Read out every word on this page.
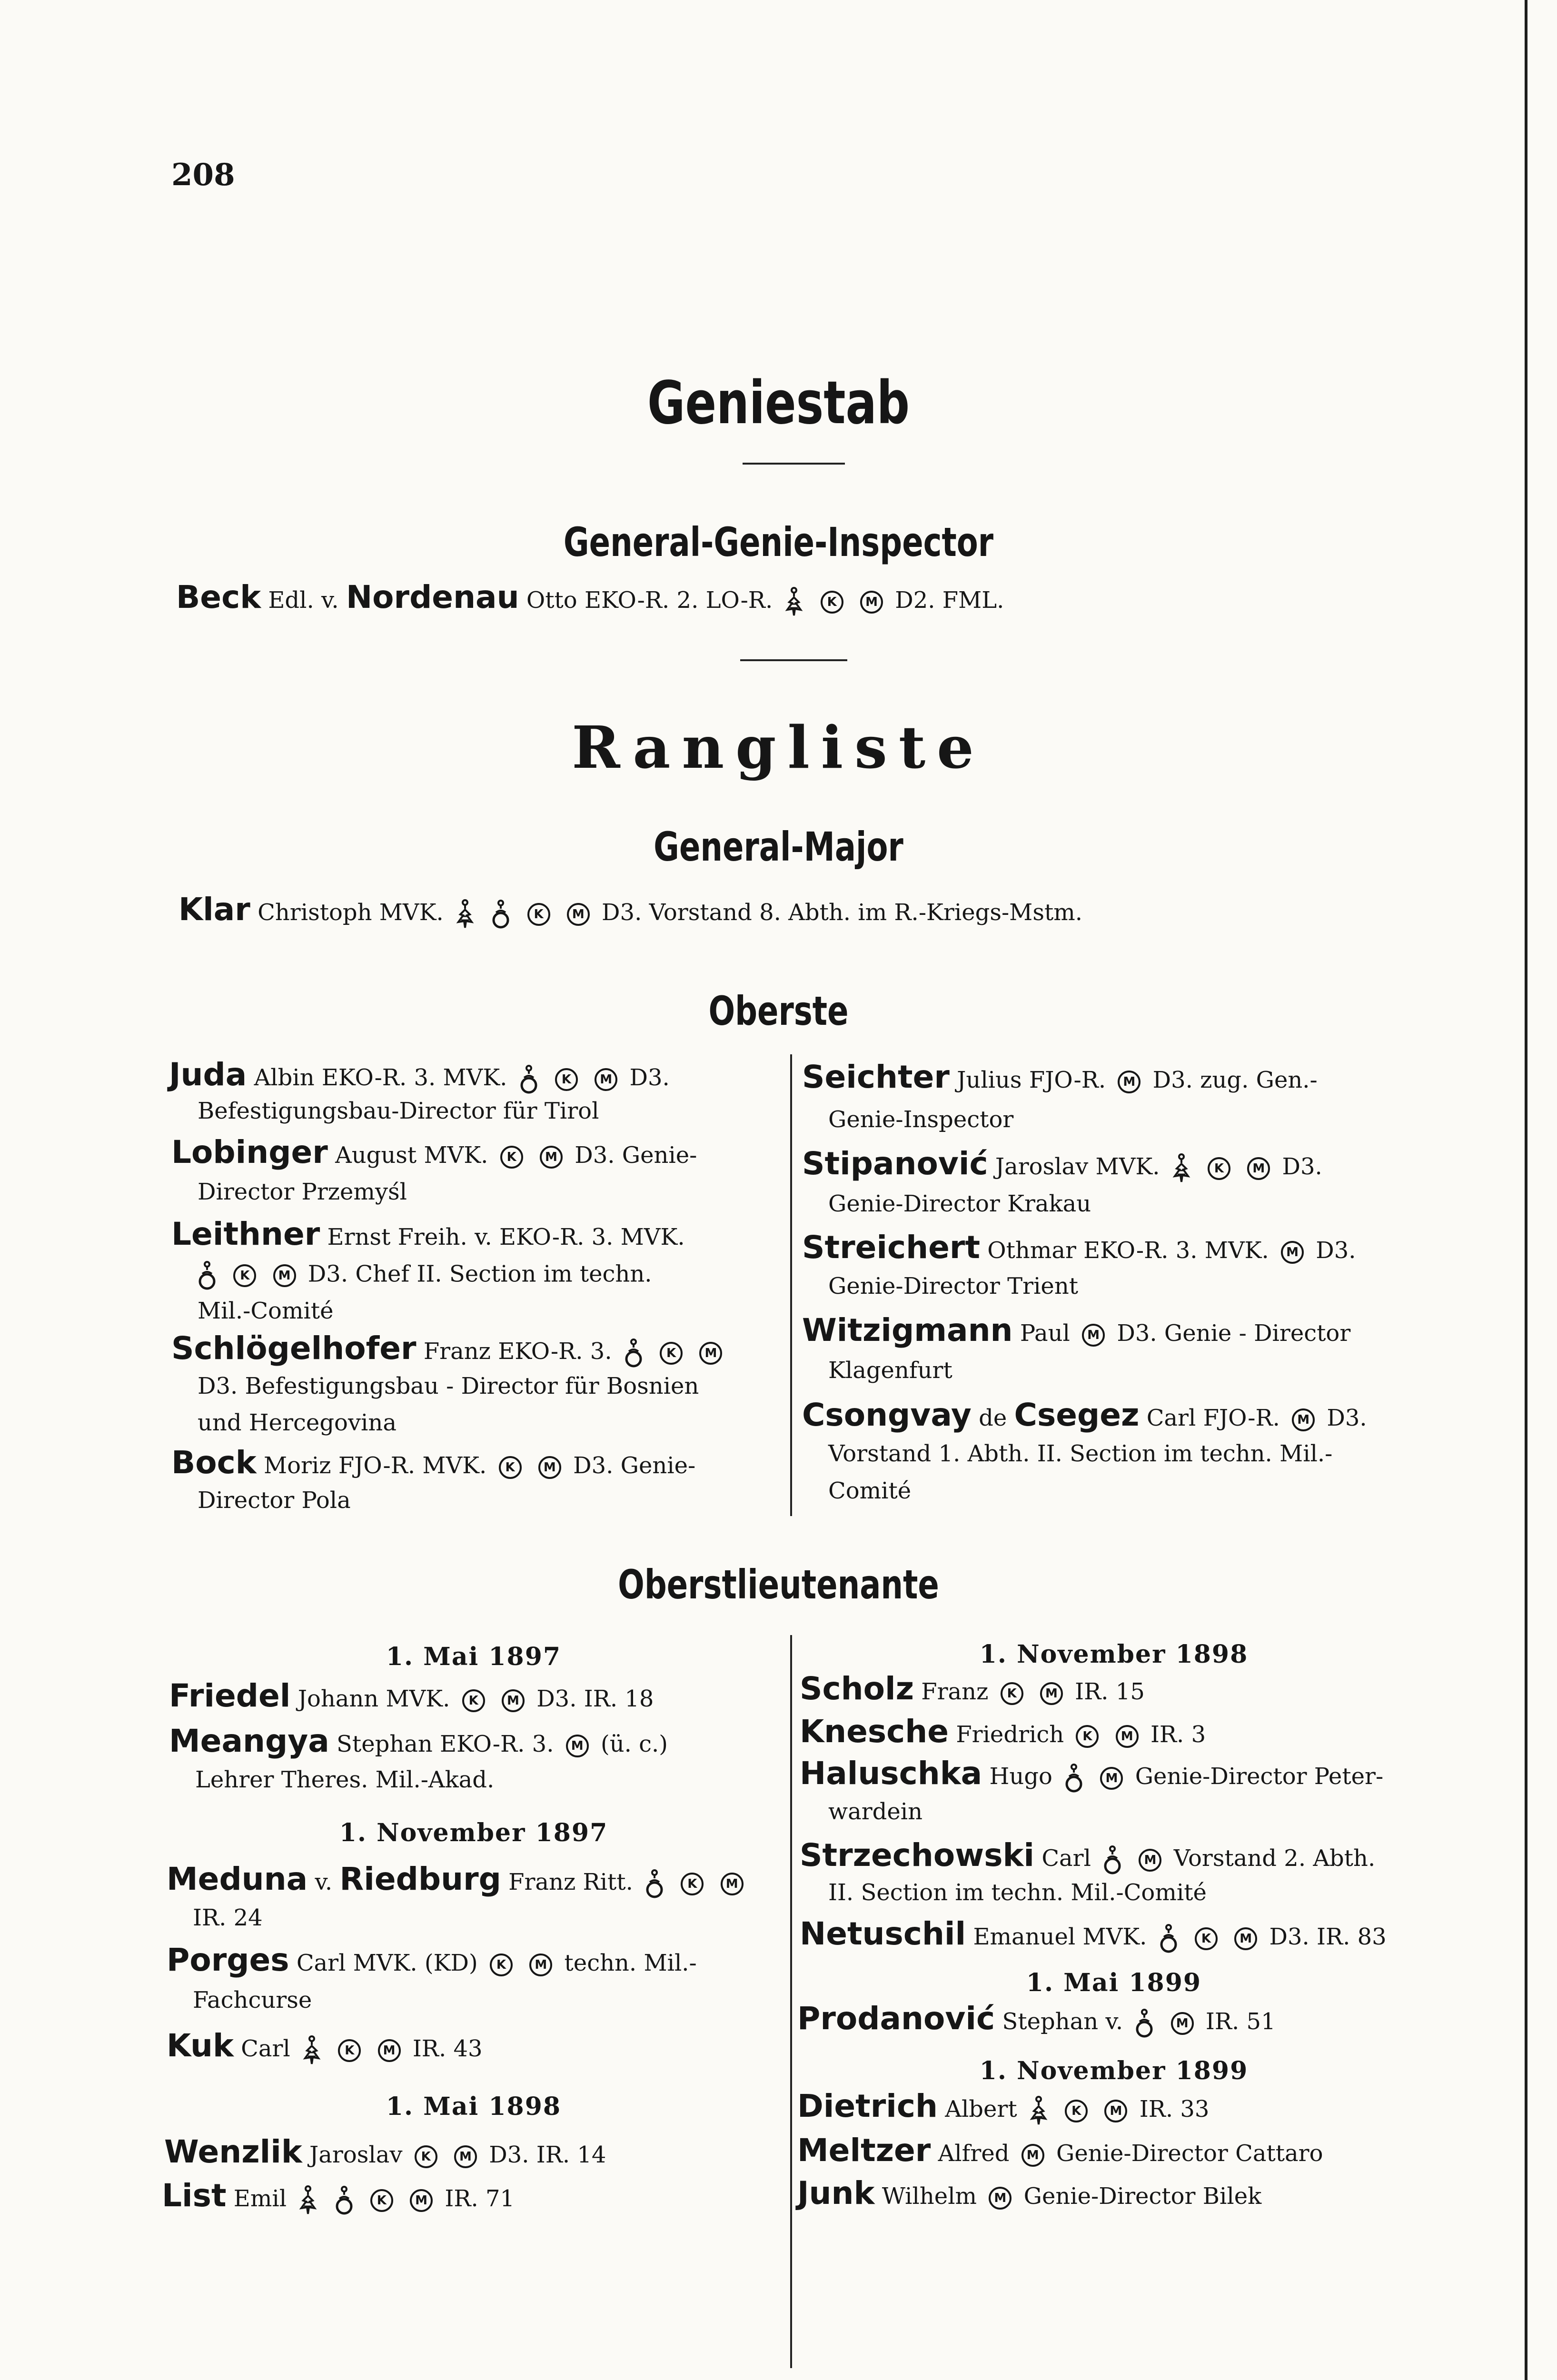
208
Geniestab
General-Genie-Inspector
Beck Edl. v. Nordenau Otto EKO-R. 2. LO-R.	K M D2. FML.
Rangliste
General-Major
Klar Christoph MVK.	K M D3. Vorstand 8. Abth. im R.-Kriegs-Mstm.
Oberste
Juda Albin EKO-R. 3. MVK.	K M D3.
Befestigungsbau-Director für Tirol
Lobinger August MVK. K M D3. Genie-
Director Przemyśl
Leithner Ernst Freih. v. EKO-R. 3. MVK.
K M D3. Chef II. Section im techn.
Mil.-Comité
Schlögelhofer Franz EKO-R. 3.	K M
D3. Befestigungsbau - Director für Bosnien
und Hercegovina
Bock Moriz FJO-R. MVK. K M D3. Genie-
Director Pola
Seichter Julius FJO-R. M D3. zug. Gen.-
Genie-Inspector
Stipanović Jaroslav MVK.	K M D3.
Genie-Director Krakau
Streichert Othmar EKO-R. 3. MVK. M D3.
Genie-Director Trient
Witzigmann Paul M D3. Genie - Director
Klagenfurt
Csongvay de Csegez Carl FJO-R. M D3.
Vorstand 1. Abth. II. Section im techn. Mil.-
Comité
Oberstlieutenante
1. Mai 1897
Friedel Johann MVK. K M D3. IR. 18
Meangya Stephan EKO-R. 3. M (ü. c.)
Lehrer Theres. Mil.-Akad.
1. November 1897
Meduna v. Riedburg Franz Ritt.	K M
IR. 24
Porges Carl MVK. (KD) K M techn. Mil.-
Fachcurse
Kuk Carl	K M IR. 43
1. Mai 1898
Wenzlik Jaroslav K M D3. IR. 14
List Emil	K M IR. 71
1. November 1898
Scholz Franz K M IR. 15
Knesche Friedrich K M IR. 3
Haluschka Hugo	M Genie-Director Peter-
wardein
Strzechowski Carl	M Vorstand 2. Abth.
II. Section im techn. Mil.-Comité
Netuschil Emanuel MVK.	K M D3. IR. 83
1. Mai 1899
Prodanović Stephan v.	M IR. 51
1. November 1899
Dietrich Albert	K M IR. 33
Meltzer Alfred M Genie-Director Cattaro
Junk Wilhelm M Genie-Director Bilek
